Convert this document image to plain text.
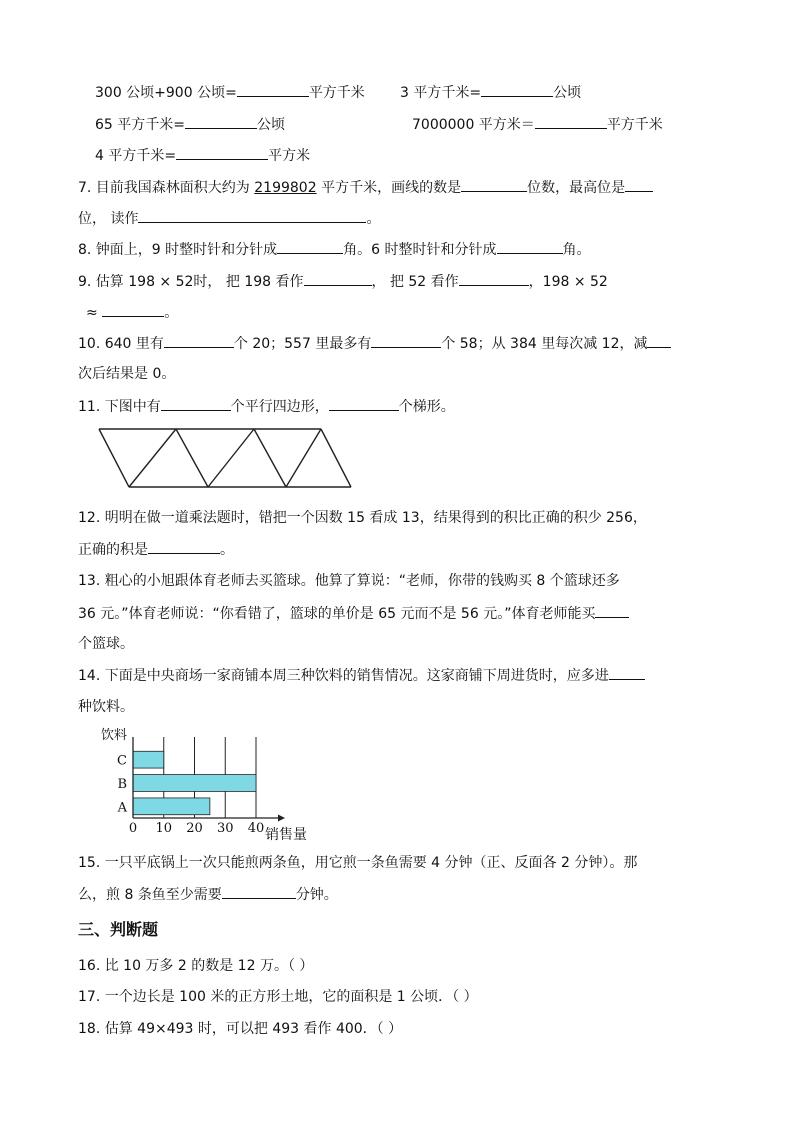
300 公顷+900 公顷=	平方千米	3 平方千米=	公顷
65 平方千米=	公顷	7000000 平方米＝	平方千米
4 平方千米=	平方米
7. 目前我国森林面积大约为 2199802 平方千米，画线的数是	位数，最高位是
位， 读作	。
8. 钟面上，9 时整时针和分针成	角。6 时整时针和分针成	角。
9. 估算 198 × 52时， 把 198 看作	， 把 52 看作	，198 × 52
≈	。
10. 640 里有	个 20；557 里最多有	个 58；从 384 里每次减 12，减
次后结果是 0。
11. 下图中有	个平行四边形，	个梯形。
12. 明明在做一道乘法题时，错把一个因数 15 看成 13，结果得到的积比正确的积少 256，
正确的积是	。
13. 粗心的小旭跟体育老师去买篮球。他算了算说：“老师，你带的钱购买 8 个篮球还多
36 元。”体育老师说：“你看错了，篮球的单价是 65 元而不是 56 元。”体育老师能买
个篮球。
14. 下面是中央商场一家商铺本周三种饮料的销售情况。这家商铺下周进货时，应多进
种饮料。
饮料
销售量
C
B
A
0 10 20 30 40
15. 一只平底锅上一次只能煎两条鱼，用它煎一条鱼需要 4 分钟（正、反面各 2 分钟）。那
么，煎 8 条鱼至少需要	分钟。
三、判断题
16. 比 10 万多 2 的数是 12 万。（ ）
17. 一个边长是 100 米的正方形土地，它的面积是 1 公顷．（ ）
18. 估算 49×493 时，可以把 493 看作 400．（ ）
